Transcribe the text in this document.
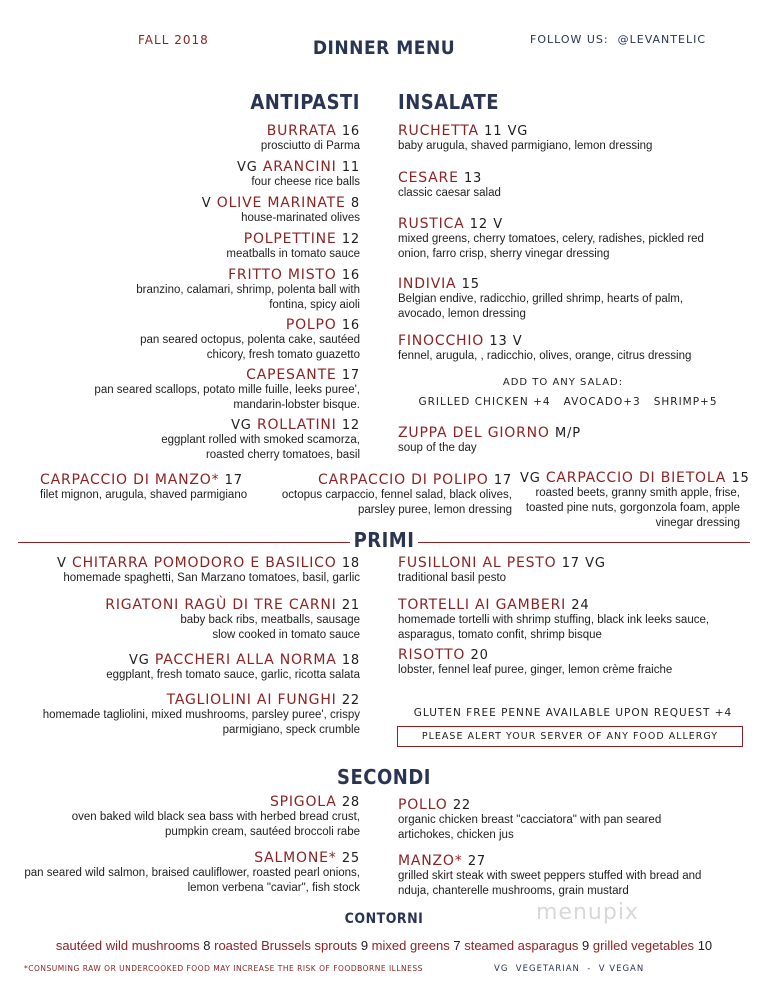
FALL 2018	DINNER MENU	FOLLOW US: @LEVANTELIC
ANTIPASTI INSALATE
BURRATA 16
prosciutto di Parma
VG ARANCINI 11
four cheese rice balls
V OLIVE MARINATE 8
house-marinated olives
POLPETTINE 12
meatballs in tomato sauce
FRITTO MISTO 16
branzino, calamari, shrimp, polenta ball with fontina, spicy aioli
POLPO 16
pan seared octopus, polenta cake, sautéed chicory, fresh tomato guazetto
CAPESANTE 17
pan seared scallops, potato mille fuille, leeks puree', mandarin-lobster bisque.
VG ROLLATINI 12
eggplant rolled with smoked scamorza, roasted cherry tomatoes, basil
RUCHETTA 11 VG
baby arugula, shaved parmigiano, lemon dressing
CESARE 13
classic caesar salad
RUSTICA 12 V
mixed greens, cherry tomatoes, celery, radishes, pickled red onion, farro crisp, sherry vinegar dressing
INDIVIA 15
Belgian endive, radicchio, grilled shrimp, hearts of palm, avocado, lemon dressing
FINOCCHIO 13 V
fennel, arugula, , radicchio, olives, orange, citrus dressing
ADD TO ANY SALAD:
GRILLED CHICKEN +4   AVOCADO+3   SHRIMP+5
ZUPPA DEL GIORNO M/P
soup of the day
CARPACCIO DI MANZO* 17
filet mignon, arugula, shaved parmigiano
CARPACCIO DI POLIPO 17
octopus carpaccio, fennel salad, black olives, parsley puree, lemon dressing
VG CARPACCIO DI BIETOLA 15
roasted beets, granny smith apple, frise, toasted pine nuts, gorgonzola foam, apple vinegar dressing
PRIMI
V CHITARRA POMODORO E BASILICO 18
homemade spaghetti, San Marzano tomatoes, basil, garlic
RIGATONI RAGÙ DI TRE CARNI 21
baby back ribs, meatballs, sausage slow cooked in tomato sauce
VG PACCHERI ALLA NORMA 18
eggplant, fresh tomato sauce, garlic, ricotta salata
TAGLIOLINI AI FUNGHI 22
homemade tagliolini, mixed mushrooms, parsley puree', crispy parmigiano, speck crumble
FUSILLONI AL PESTO 17 VG
traditional basil pesto
TORTELLI AI GAMBERI 24
homemade tortelli with shrimp stuffing, black ink leeks sauce, asparagus, tomato confit, shrimp bisque
RISOTTO 20
lobster, fennel leaf puree, ginger, lemon crème fraiche
GLUTEN FREE PENNE AVAILABLE UPON REQUEST +4
PLEASE ALERT YOUR SERVER OF ANY FOOD ALLERGY
SECONDI
SPIGOLA 28
oven baked wild black sea bass with herbed bread crust, pumpkin cream, sautéed broccoli rabe
SALMONE* 25
pan seared wild salmon, braised cauliflower, roasted pearl onions, lemon verbena "caviar", fish stock
POLLO 22
organic chicken breast "cacciatora" with pan seared artichokes, chicken jus
MANZO* 27
grilled skirt steak with sweet peppers stuffed with bread and nduja, chanterelle mushrooms, grain mustard
menupix
CONTORNI
sautéed wild mushrooms 8 roasted Brussels sprouts 9 mixed greens 7 steamed asparagus 9 grilled vegetables 10
*CONSUMING RAW OR UNDERCOOKED FOOD MAY INCREASE THE RISK OF FOODBORNE ILLNESS	VG  VEGETARIAN  -  V VEGAN
